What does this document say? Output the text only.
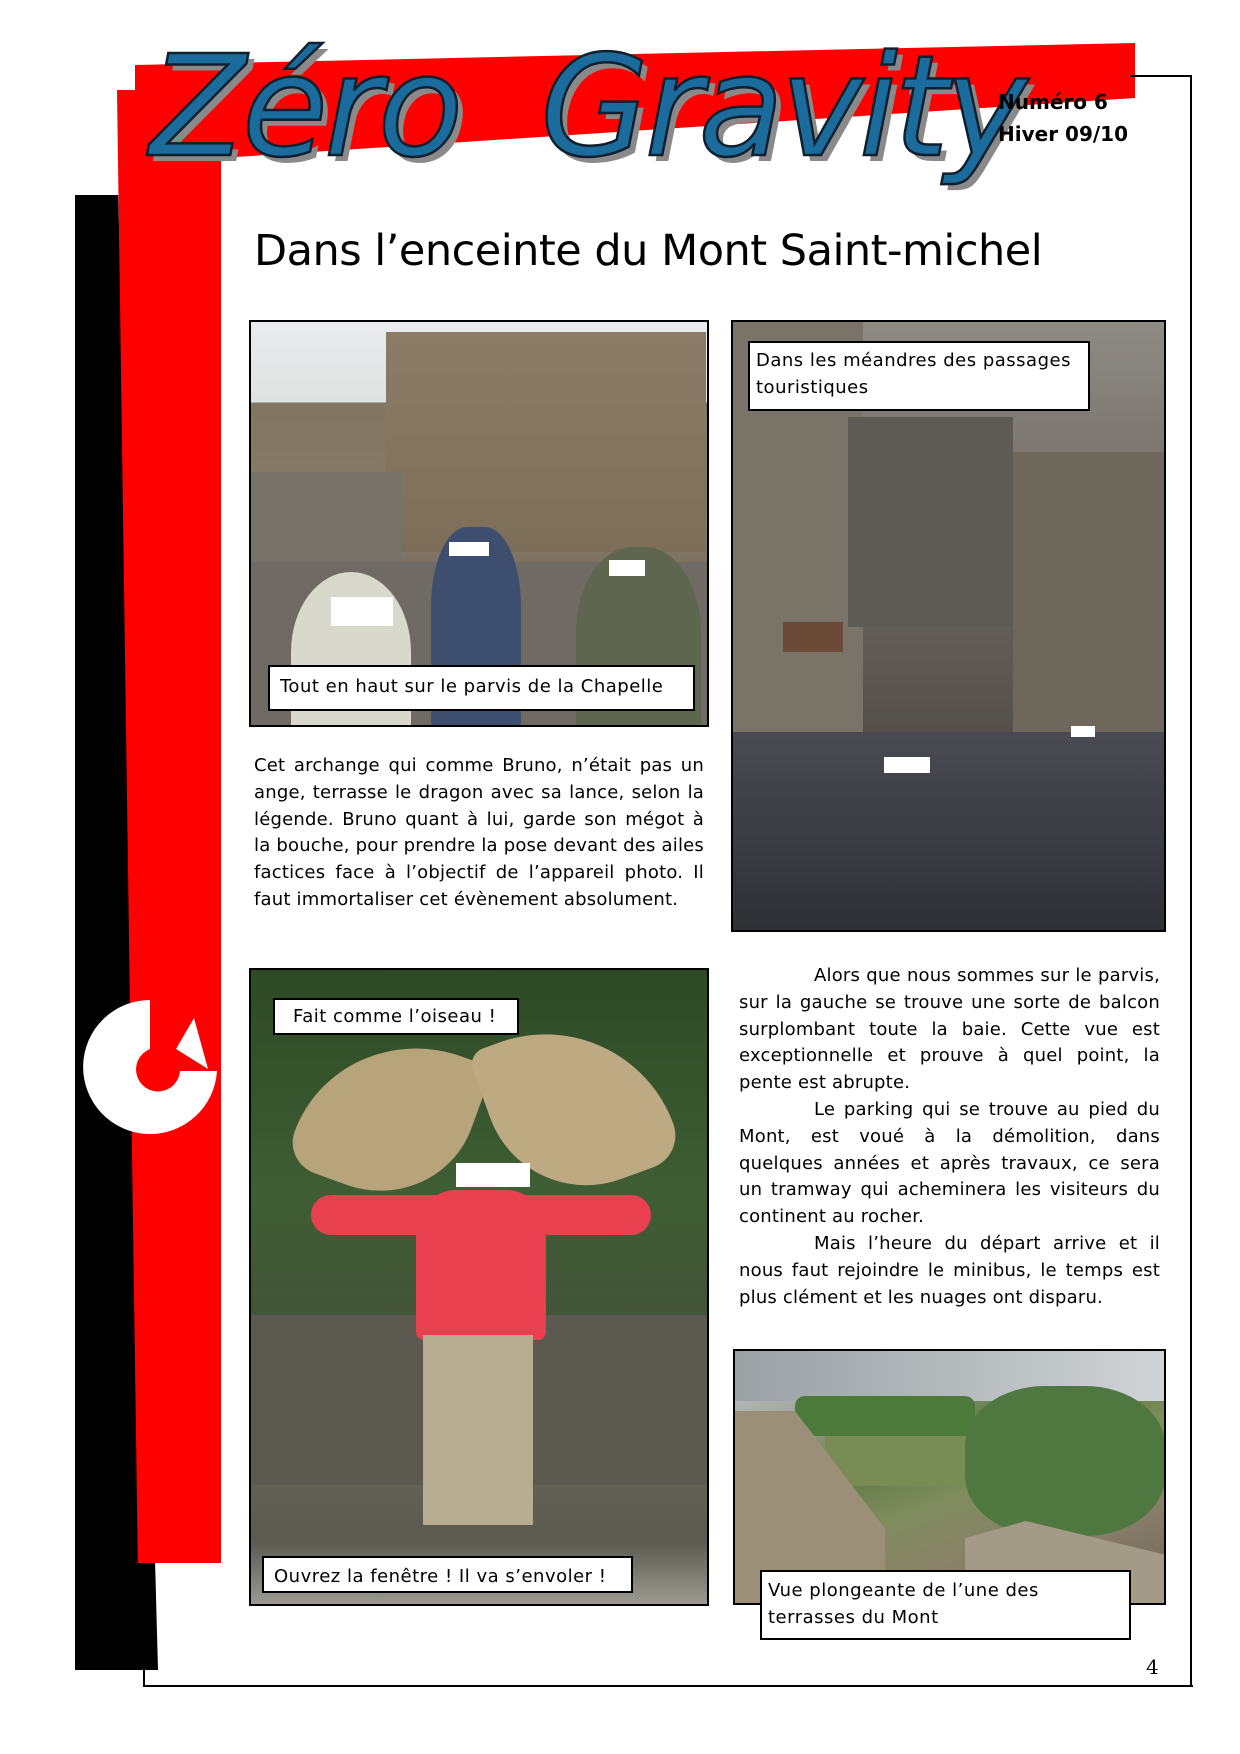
Zéro  Gravity
Numéro 6
Hiver 09/10
Dans l’enceinte du Mont Saint-michel
Tout en haut sur le parvis de la Chapelle
Dans les méandres des passages touristiques

Cet archange qui comme Bruno, n’était pas un ange, terrasse le dragon avec sa lance, selon la légende. Bruno quant à lui, garde son mégot à la bouche, pour prendre la pose devant des ailes factices face à l’objectif de l’appareil photo. Il faut immortaliser cet évènement absolument.

Fait comme l’oiseau !
Ouvrez la fenêtre ! Il va s’envoler !

Alors que nous sommes sur le parvis, sur la gauche se trouve une sorte de balcon surplombant toute la baie. Cette vue est exceptionnelle et prouve à quel point, la pente est abrupte.

Le parking qui se trouve au pied du Mont, est voué à la démolition, dans quelques années et après travaux, ce sera un tramway qui acheminera les visiteurs du continent au rocher.

Mais l’heure du départ arrive et il nous faut rejoindre le minibus, le temps est plus clément et les nuages ont disparu.

Vue plongeante de l’une des terrasses du Mont
4
